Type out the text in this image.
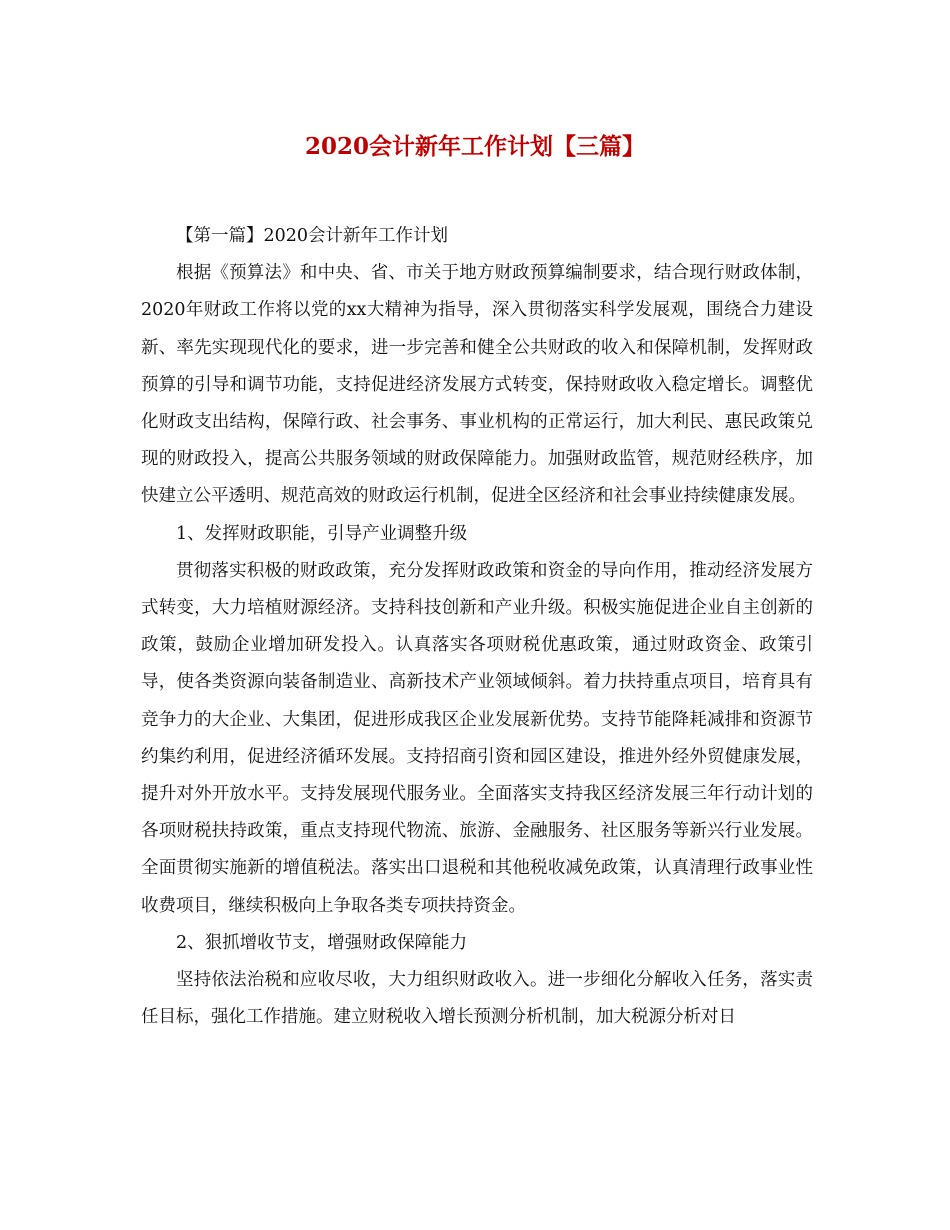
2020会计新年工作计划【三篇】

【第一篇】2020会计新年工作计划

根据《预算法》和中央、省、市关于地方财政预算编制要求，结合现行财政体制，2020年财政工作将以党的xx大精神为指导，深入贯彻落实科学发展观，围绕合力建设新、率先实现现代化的要求，进一步完善和健全公共财政的收入和保障机制，发挥财政预算的引导和调节功能，支持促进经济发展方式转变，保持财政收入稳定增长。调整优化财政支出结构，保障行政、社会事务、事业机构的正常运行，加大利民、惠民政策兑现的财政投入，提高公共服务领域的财政保障能力。加强财政监管，规范财经秩序，加快建立公平透明、规范高效的财政运行机制，促进全区经济和社会事业持续健康发展。

1、发挥财政职能，引导产业调整升级

贯彻落实积极的财政政策，充分发挥财政政策和资金的导向作用，推动经济发展方式转变，大力培植财源经济。支持科技创新和产业升级。积极实施促进企业自主创新的政策，鼓励企业增加研发投入。认真落实各项财税优惠政策，通过财政资金、政策引导，使各类资源向装备制造业、高新技术产业领域倾斜。着力扶持重点项目，培育具有竞争力的大企业、大集团，促进形成我区企业发展新优势。支持节能降耗减排和资源节约集约利用，促进经济循环发展。支持招商引资和园区建设，推进外经外贸健康发展，提升对外开放水平。支持发展现代服务业。全面落实支持我区经济发展三年行动计划的各项财税扶持政策，重点支持现代物流、旅游、金融服务、社区服务等新兴行业发展。全面贯彻实施新的增值税法。落实出口退税和其他税收减免政策，认真清理行政事业性收费项目，继续积极向上争取各类专项扶持资金。

2、狠抓增收节支，增强财政保障能力

坚持依法治税和应收尽收，大力组织财政收入。进一步细化分解收入任务，落实责任目标，强化工作措施。建立财税收入增长预测分析机制，加大税源分析对日
